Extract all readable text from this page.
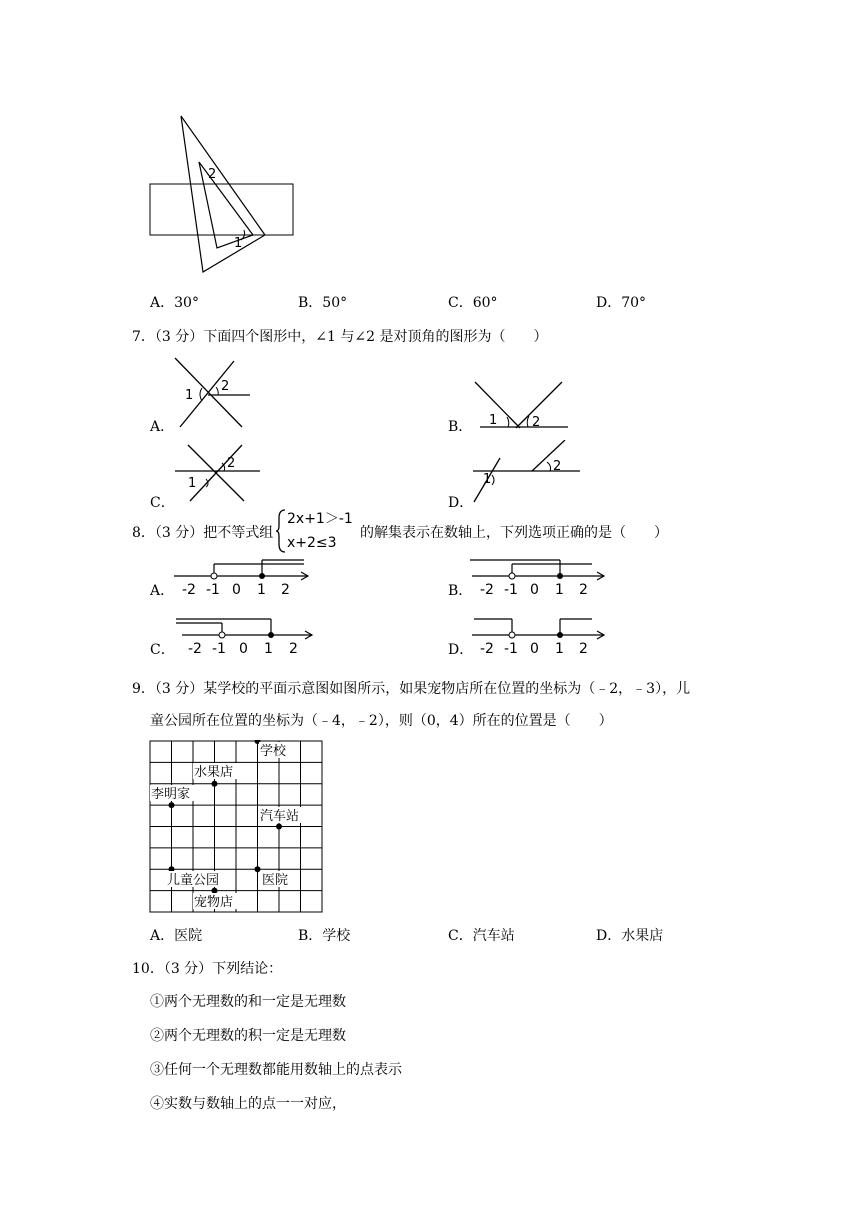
2
1
A．30°	B．50°	C．60°	D．70°
7．（3 分）下面四个图形中，∠1 与∠2 是对顶角的图形为（　　）
A．
1
2
B． 1	2
C．
1
2
D．
1
2
8．（3 分）把不等式组
2x+1＞-1
x+2≤3
的解集表示在数轴上，下列选项正确的是（　　）
A． -2 -1 0 1 2	B． -2 -1 0 1 2
C． -2 -1 0 1 2	D． -2 -1 0 1 2
9．（3 分）某学校的平面示意图如图所示，如果宠物店所在位置的坐标为（﹣2，﹣3），儿
童公园所在位置的坐标为（﹣4，﹣2），则（0，4）所在的位置是（　　）
学校
水果店
李明家
汽车站
儿童公园	医院
宠物店
A．医院	B．学校	C．汽车站	D．水果店
10．（3 分）下列结论：
①两个无理数的和一定是无理数
②两个无理数的积一定是无理数
③任何一个无理数都能用数轴上的点表示
④实数与数轴上的点一一对应，
